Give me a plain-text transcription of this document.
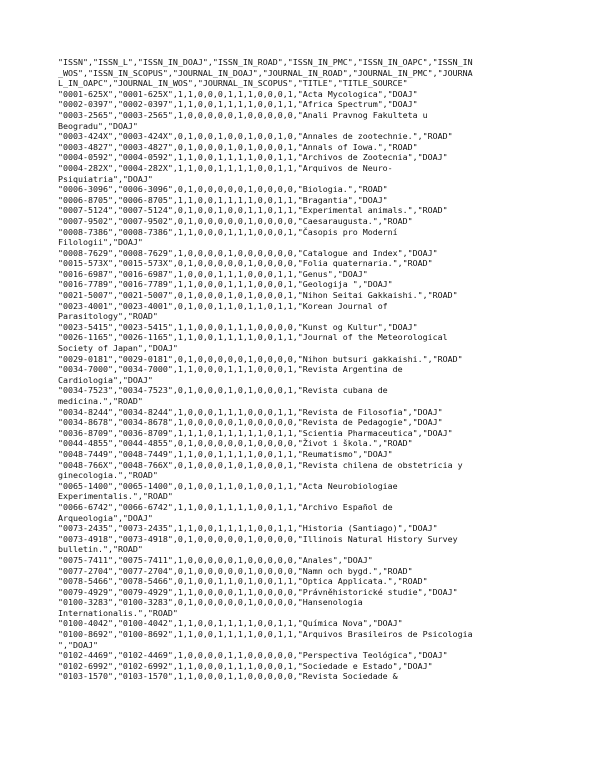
"ISSN","ISSN_L","ISSN_IN_DOAJ","ISSN_IN_ROAD","ISSN_IN_PMC","ISSN_IN_OAPC","ISSN_IN
_WOS","ISSN_IN_SCOPUS","JOURNAL_IN_DOAJ","JOURNAL_IN_ROAD","JOURNAL_IN_PMC","JOURNA
L_IN_OAPC","JOURNAL_IN_WOS","JOURNAL_IN_SCOPUS","TITLE","TITLE_SOURCE"
"0001-625X","0001-625X",1,1,0,0,0,1,1,1,0,0,0,1,"Acta Mycologica","DOAJ"
"0002-0397","0002-0397",1,1,0,0,1,1,1,1,0,0,1,1,"Africa Spectrum","DOAJ"
"0003-2565","0003-2565",1,0,0,0,0,0,1,0,0,0,0,0,"Anali Pravnog Fakulteta u
Beogradu","DOAJ"
"0003-424X","0003-424X",0,1,0,0,1,0,0,1,0,0,1,0,"Annales de zootechnie.","ROAD"
"0003-4827","0003-4827",0,1,0,0,0,1,0,1,0,0,0,1,"Annals of Iowa.","ROAD"
"0004-0592","0004-0592",1,1,0,0,1,1,1,1,0,0,1,1,"Archivos de Zootecnia","DOAJ"
"0004-282X","0004-282X",1,1,0,0,1,1,1,1,0,0,1,1,"Arquivos de Neuro-
Psiquiatria","DOAJ"
"0006-3096","0006-3096",0,1,0,0,0,0,0,1,0,0,0,0,"Biologia.","ROAD"
"0006-8705","0006-8705",1,1,0,0,1,1,1,1,0,0,1,1,"Bragantia","DOAJ"
"0007-5124","0007-5124",0,1,0,0,1,0,0,1,1,0,1,1,"Experimental animals.","ROAD"
"0007-9502","0007-9502",0,1,0,0,0,0,0,1,0,0,0,0,"Caesaraugusta.","ROAD"
"0008-7386","0008-7386",1,1,0,0,0,1,1,1,0,0,0,1,"Časopis pro Moderní
Filologii","DOAJ"
"0008-7629","0008-7629",1,0,0,0,0,1,0,0,0,0,0,0,"Catalogue and Index","DOAJ"
"0015-573X","0015-573X",0,1,0,0,0,0,0,1,0,0,0,0,"Folia quaternaria.","ROAD"
"0016-6987","0016-6987",1,0,0,0,1,1,1,0,0,0,1,1,"Genus","DOAJ"
"0016-7789","0016-7789",1,1,0,0,0,1,1,1,0,0,0,1,"Geologija ","DOAJ"
"0021-5007","0021-5007",0,1,0,0,0,1,0,1,0,0,0,1,"Nihon Seitai Gakkaishi.","ROAD"
"0023-4001","0023-4001",0,1,0,0,1,1,0,1,1,0,1,1,"Korean Journal of
Parasitology","ROAD"
"0023-5415","0023-5415",1,1,0,0,0,1,1,1,0,0,0,0,"Kunst og Kultur","DOAJ"
"0026-1165","0026-1165",1,1,0,0,1,1,1,1,0,0,1,1,"Journal of the Meteorological
Society of Japan","DOAJ"
"0029-0181","0029-0181",0,1,0,0,0,0,0,1,0,0,0,0,"Nihon butsuri gakkaishi.","ROAD"
"0034-7000","0034-7000",1,1,0,0,0,1,1,1,0,0,0,1,"Revista Argentina de
Cardiologia","DOAJ"
"0034-7523","0034-7523",0,1,0,0,0,1,0,1,0,0,0,1,"Revista cubana de
medicina.","ROAD"
"0034-8244","0034-8244",1,0,0,0,1,1,1,0,0,0,1,1,"Revista de Filosofia","DOAJ"
"0034-8678","0034-8678",1,0,0,0,0,0,1,0,0,0,0,0,"Revista de Pedagogie","DOAJ"
"0036-8709","0036-8709",1,1,1,0,1,1,1,1,1,0,1,1,"Scientia Pharmaceutica","DOAJ"
"0044-4855","0044-4855",0,1,0,0,0,0,0,1,0,0,0,0,"Život i škola.","ROAD"
"0048-7449","0048-7449",1,1,0,0,1,1,1,1,0,0,1,1,"Reumatismo","DOAJ"
"0048-766X","0048-766X",0,1,0,0,0,1,0,1,0,0,0,1,"Revista chilena de obstetricia y
ginecologia.","ROAD"
"0065-1400","0065-1400",0,1,0,0,1,1,0,1,0,0,1,1,"Acta Neurobiologiae
Experimentalis.","ROAD"
"0066-6742","0066-6742",1,1,0,0,1,1,1,1,0,0,1,1,"Archivo Español de
Arqueologia","DOAJ"
"0073-2435","0073-2435",1,1,0,0,1,1,1,1,0,0,1,1,"Historia (Santiago)","DOAJ"
"0073-4918","0073-4918",0,1,0,0,0,0,0,1,0,0,0,0,"Illinois Natural History Survey
bulletin.","ROAD"
"0075-7411","0075-7411",1,0,0,0,0,0,1,0,0,0,0,0,"Anales","DOAJ"
"0077-2704","0077-2704",0,1,0,0,0,0,0,1,0,0,0,0,"Namn och bygd.","ROAD"
"0078-5466","0078-5466",0,1,0,0,1,1,0,1,0,0,1,1,"Optica Applicata.","ROAD"
"0079-4929","0079-4929",1,1,0,0,0,0,1,1,0,0,0,0,"Právněhistorické studie","DOAJ"
"0100-3283","0100-3283",0,1,0,0,0,0,0,1,0,0,0,0,"Hansenologia
Internationalis.","ROAD"
"0100-4042","0100-4042",1,1,0,0,1,1,1,1,0,0,1,1,"Química Nova","DOAJ"
"0100-8692","0100-8692",1,1,0,0,1,1,1,1,0,0,1,1,"Arquivos Brasileiros de Psicologia
","DOAJ"
"0102-4469","0102-4469",1,0,0,0,0,1,1,0,0,0,0,0,"Perspectiva Teológica","DOAJ"
"0102-6992","0102-6992",1,1,0,0,0,1,1,1,0,0,0,1,"Sociedade e Estado","DOAJ"
"0103-1570","0103-1570",1,1,0,0,0,1,1,0,0,0,0,0,"Revista Sociedade &
